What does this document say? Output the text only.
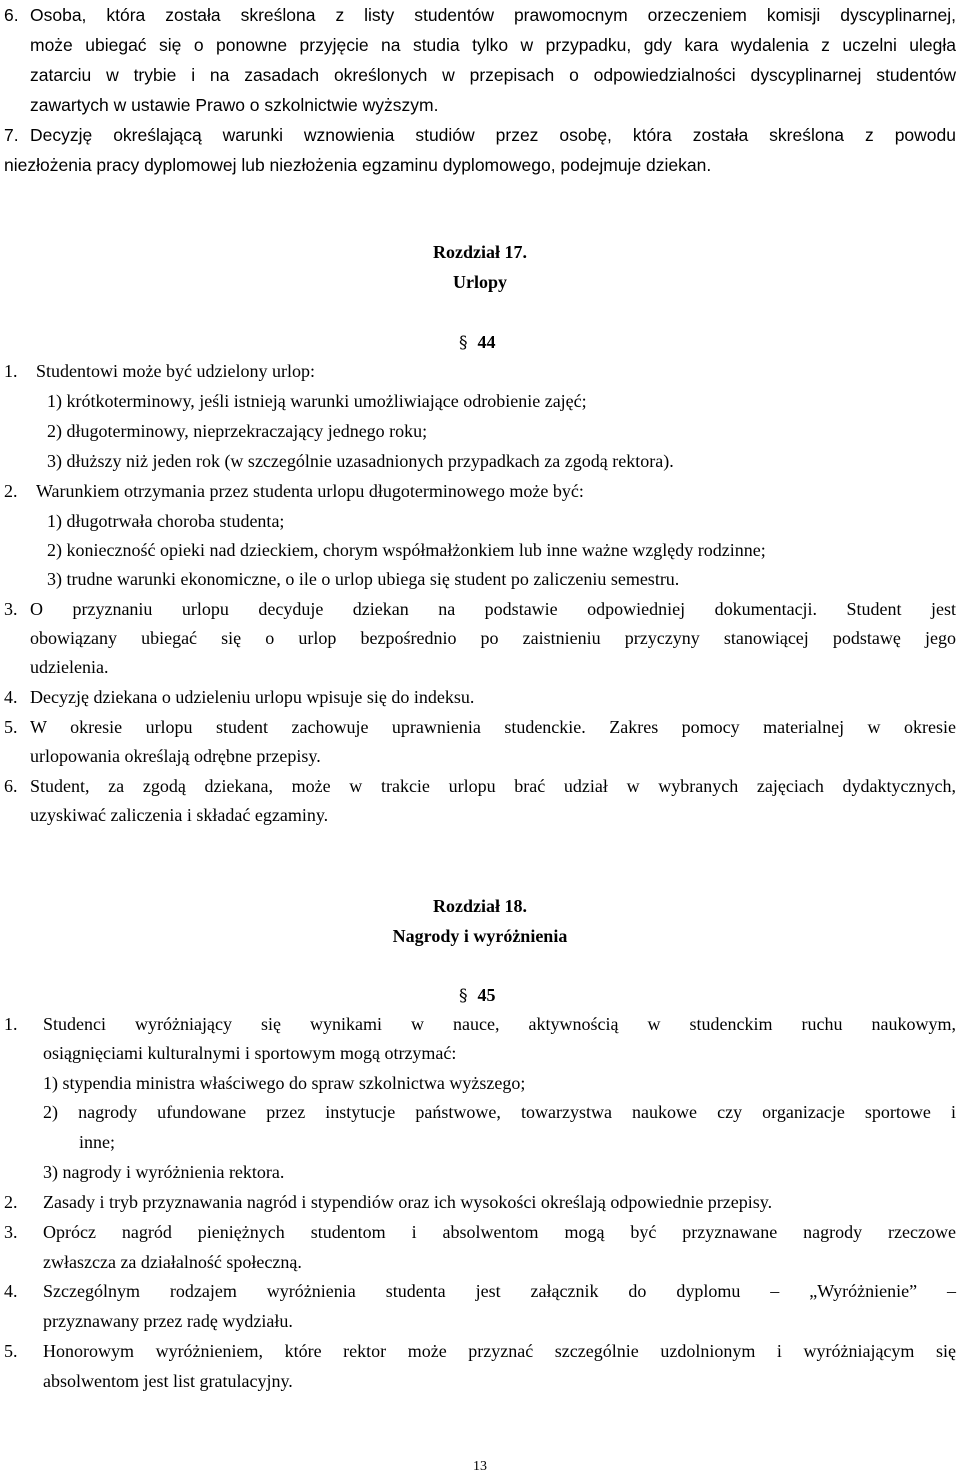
6. Osoba, która została skreślona z listy studentów prawomocnym orzeczeniem komisji dyscyplinarnej,
może ubiegać się o ponowne przyjęcie na studia tylko w przypadku, gdy kara wydalenia z uczelni uległa
zatarciu w trybie i na zasadach określonych w przepisach o odpowiedzialności dyscyplinarnej studentów
zawartych w ustawie Prawo o szkolnictwie wyższym.
7. Decyzję określającą warunki wznowienia studiów przez osobę, która została skreślona z powodu
niezłożenia pracy dyplomowej lub niezłożenia egzaminu dyplomowego, podejmuje dziekan.
Rozdział 17.
Urlopy
§ 44
1. Studentowi może być udzielony urlop:
1) krótkoterminowy, jeśli istnieją warunki umożliwiające odrobienie zajęć;
2) długoterminowy, nieprzekraczający jednego roku;
3) dłuższy niż jeden rok (w szczególnie uzasadnionych przypadkach za zgodą rektora).
2. Warunkiem otrzymania przez studenta urlopu długoterminowego może być:
1) długotrwała choroba studenta;
2) konieczność opieki nad dzieckiem, chorym współmałżonkiem lub inne ważne względy rodzinne;
3) trudne warunki ekonomiczne, o ile o urlop ubiega się student po zaliczeniu semestru.
3. O przyznaniu urlopu decyduje dziekan na podstawie odpowiedniej dokumentacji. Student jest
obowiązany ubiegać się o urlop bezpośrednio po zaistnieniu przyczyny stanowiącej podstawę jego
udzielenia.
4. Decyzję dziekana o udzieleniu urlopu wpisuje się do indeksu.
5. W okresie urlopu student zachowuje uprawnienia studenckie. Zakres pomocy materialnej w okresie
urlopowania określają odrębne przepisy.
6. Student, za zgodą dziekana, może w trakcie urlopu brać udział w wybranych zajęciach dydaktycznych,
uzyskiwać zaliczenia i składać egzaminy.
Rozdział 18.
Nagrody i wyróżnienia
§ 45
1. Studenci wyróżniający się wynikami w nauce, aktywnością w studenckim ruchu naukowym,
osiągnięciami kulturalnymi i sportowym mogą otrzymać:
1) stypendia ministra właściwego do spraw szkolnictwa wyższego;
2) nagrody ufundowane przez instytucje państwowe, towarzystwa naukowe czy organizacje sportowe i
inne;
3) nagrody i wyróżnienia rektora.
2. Zasady i tryb przyznawania nagród i stypendiów oraz ich wysokości określają odpowiednie przepisy.
3. Oprócz nagród pieniężnych studentom i absolwentom mogą być przyznawane nagrody rzeczowe
zwłaszcza za działalność społeczną.
4. Szczególnym rodzajem wyróżnienia studenta jest załącznik do dyplomu – „Wyróżnienie” –
przyznawany przez radę wydziału.
5. Honorowym wyróżnieniem, które rektor może przyznać szczególnie uzdolnionym i wyróżniającym się
absolwentom jest list gratulacyjny.
13
